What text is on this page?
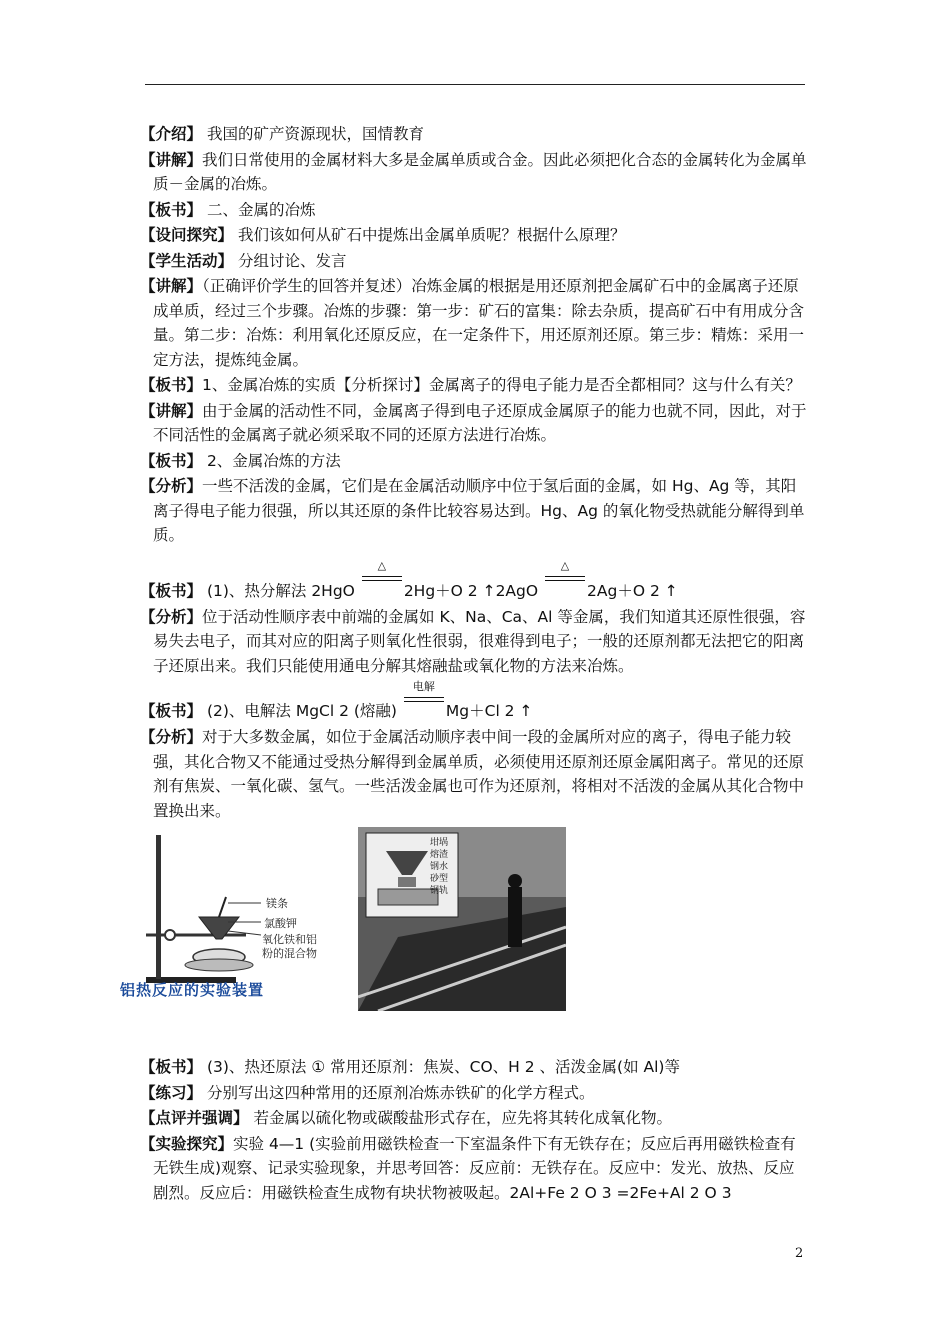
【介绍】 我国的矿产资源现状，国情教育

【讲解】我们日常使用的金属材料大多是金属单质或合金。因此必须把化合态的金属转化为金属单质－金属的冶炼。

【板书】 二、金属的冶炼

【设问探究】 我们该如何从矿石中提炼出金属单质呢？根据什么原理？

【学生活动】 分组讨论、发言

【讲解】（正确评价学生的回答并复述）冶炼金属的根据是用还原剂把金属矿石中的金属离子还原成单质，经过三个步骤。冶炼的步骤：第一步：矿石的富集：除去杂质，提高矿石中有用成分含量。第二步：冶炼：利用氧化还原反应，在一定条件下，用还原剂还原。第三步：精炼：采用一定方法，提炼纯金属。

【板书】1、金属冶炼的实质【分析探讨】金属离子的得电子能力是否全都相同？这与什么有关？

【讲解】由于金属的活动性不同，金属离子得到电子还原成金属原子的能力也就不同，因此，对于不同活性的金属离子就必须采取不同的还原方法进行冶炼。

【板书】 2、金属冶炼的方法

【分析】一些不活泼的金属，它们是在金属活动顺序中位于氢后面的金属，如 Hg、Ag 等，其阳离子得电子能力很强，所以其还原的条件比较容易达到。Hg、Ag 的氧化物受热就能分解得到单质。

【板书】 (1)、热分解法 2HgO
△
2Hg＋O 2 ↑2AgO
△
2Ag＋O 2 ↑

【分析】位于活动性顺序表中前端的金属如 K、Na、Ca、Al 等金属，我们知道其还原性很强，容易失去电子，而其对应的阳离子则氧化性很弱，很难得到电子；一般的还原剂都无法把它的阳离子还原出来。我们只能使用通电分解其熔融盐或氧化物的方法来冶炼。

【板书】 (2)、电解法 MgCl 2 (熔融)
电解
Mg＋Cl 2 ↑

【分析】对于大多数金属，如位于金属活动顺序表中间一段的金属所对应的离子，得电子能力较强，其化合物又不能通过受热分解得到金属单质，必须使用还原剂还原金属阳离子。常见的还原剂有焦炭、一氧化碳、氢气。一些活泼金属也可作为还原剂，将相对不活泼的金属从其化合物中置换出来。

镁条
氯酸钾
氧化铁和铝
粉的混合物
铝热反应的实验装置
坩埚
熔渣
钢水
砂型
钢轨

【板书】 (3)、热还原法 ① 常用还原剂：焦炭、CO、H 2 、活泼金属(如 Al)等

【练习】 分别写出这四种常用的还原剂冶炼赤铁矿的化学方程式。

【点评并强调】 若金属以硫化物或碳酸盐形式存在，应先将其转化成氧化物。

【实验探究】实验 4—1 (实验前用磁铁检查一下室温条件下有无铁存在；反应后再用磁铁检查有无铁生成)观察、记录实验现象，并思考回答：反应前：无铁存在。反应中：发光、放热、反应剧烈。反应后：用磁铁检查生成物有块状物被吸起。2Al+Fe 2 O 3 =2Fe+Al 2 O 3

2
